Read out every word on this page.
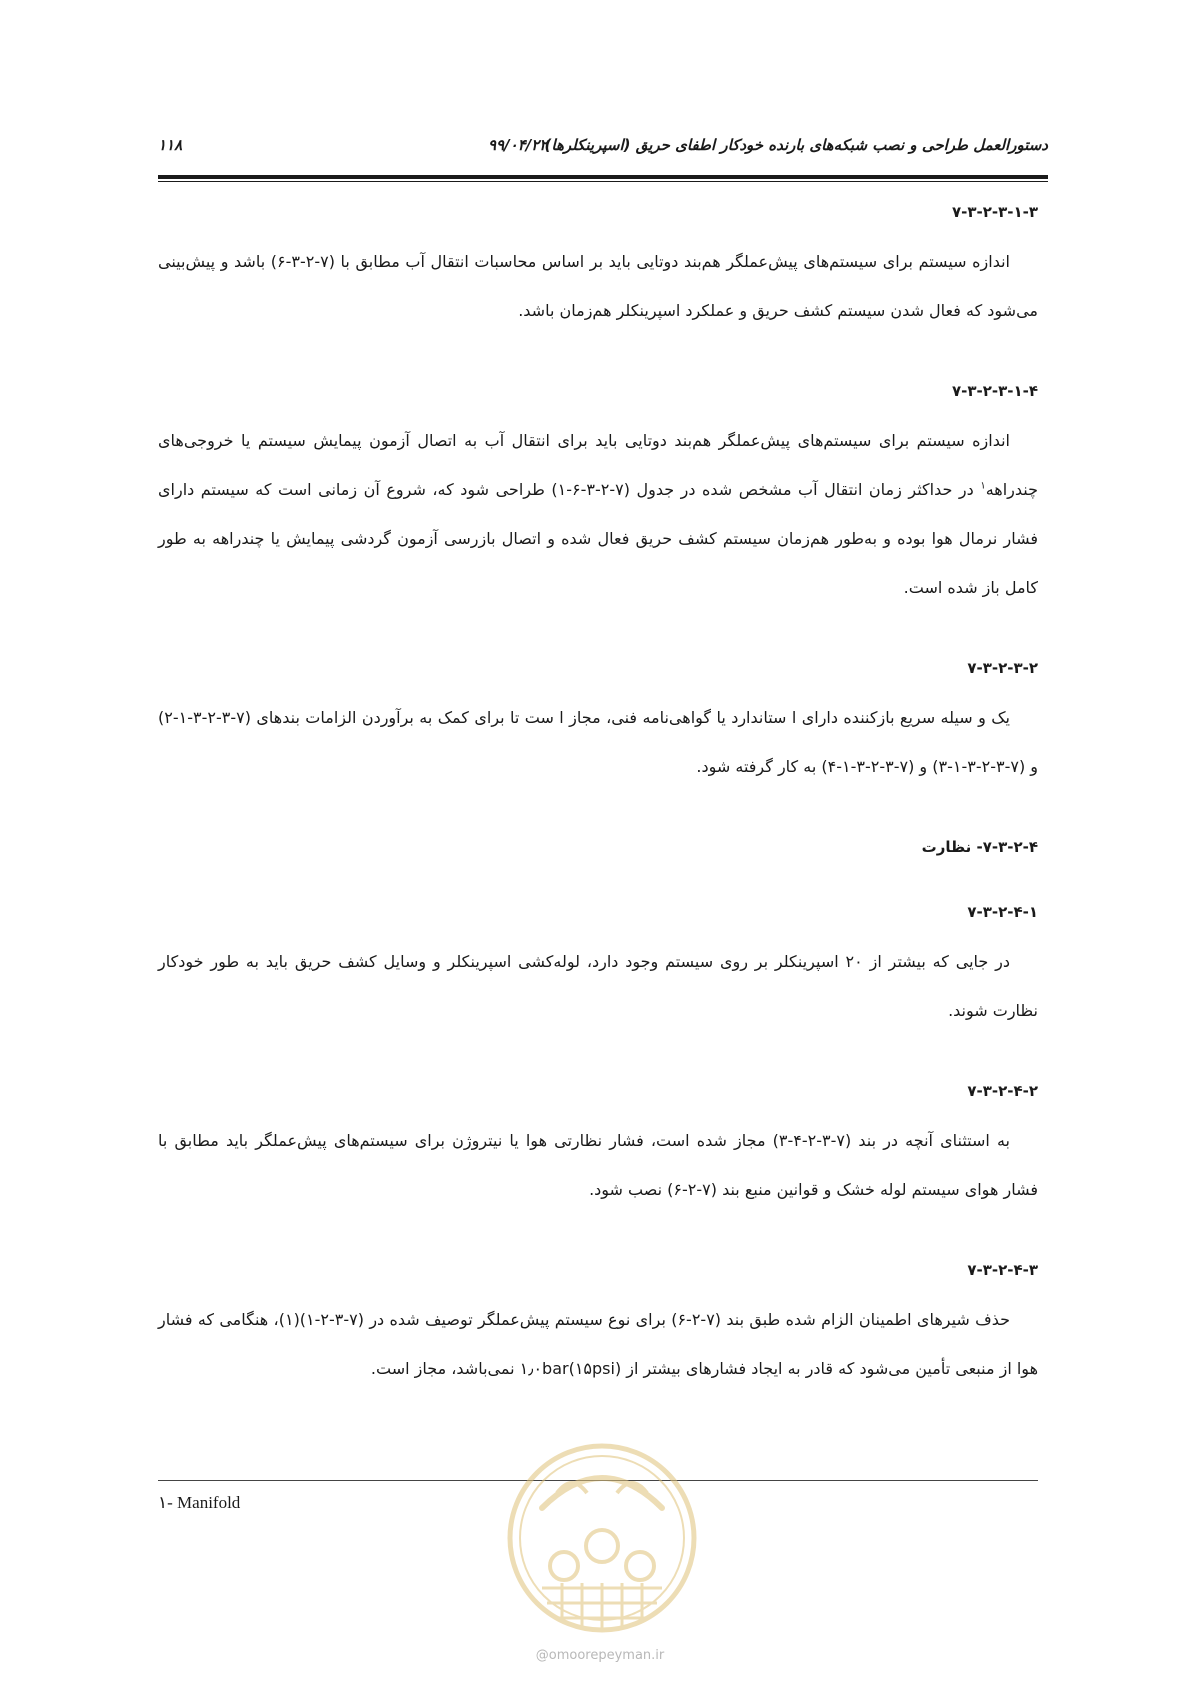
دستورالعمل طراحی و نصب شبکه‌های بارنده خودکار اطفای حریق (اسپرینکلرها)
۹۹/۰۴/۲۲
۱۱۸
۷-۳-۲-۳-۱-۳

اندازه سیستم برای سیستم‌های پیش‌عملگر هم‌بند دوتایی باید بر اساس محاسبات انتقال آب مطابق با (۷-۲-۳-۶) باشد و پیش‌بینی می‌شود که فعال شدن سیستم کشف حریق و عملکرد اسپرینکلر هم‌زمان باشد.

۷-۳-۲-۳-۱-۴

اندازه سیستم برای سیستم‌های پیش‌عملگر هم‌بند دوتایی باید برای انتقال آب به اتصال آزمون پیمایش سیستم یا خروجی‌های چندراهه$^۱$ در حداکثر زمان انتقال آب مشخص شده در جدول (۷-۲-۳-۶-۱) طراحی شود که، شروع آن زمانی است که سیستم دارای فشار نرمال هوا بوده و به‌طور هم‌زمان سیستم کشف حریق فعال شده و اتصال بازرسی آزمون گردشی پیمایش یا چندراهه به طور کامل باز شده است.

۷-۳-۲-۳-۲

یک و سیله سریع بازکننده دارای ا ستاندارد یا گواهی‌نامه فنی، مجاز ا ست تا برای کمک به برآوردن الزامات بندهای (۷-۳-۲-۳-۱-۲) و (۷-۳-۲-۳-۱-۳) و (۷-۳-۲-۳-۱-۴) به کار گرفته شود.

۷-۳-۲-۴- نظارت
۷-۳-۲-۴-۱

در جایی که بیشتر از ۲۰ اسپرینکلر بر روی سیستم وجود دارد، لوله‌کشی اسپرینکلر و وسایل کشف حریق باید به طور خودکار نظارت شوند.

۷-۳-۲-۴-۲

به استثنای آنچه در بند (۷-۳-۲-۴-۳) مجاز شده است، فشار نظارتی هوا یا نیتروژن برای سیستم‌های پیش‌عملگر باید مطابق با فشار هوای سیستم لوله خشک و قوانین منبع بند (۷-۲-۶) نصب شود.

۷-۳-۲-۴-۳

حذف شیرهای اطمینان الزام شده طبق بند (۷-۲-۶) برای نوع سیستم پیش‌عملگر توصیف شده در (۷-۳-۲-۱)(۱)، هنگامی که فشار هوا از منبعی تأمین می‌شود که قادر به ایجاد فشارهای بیشتر از ۱٫۰bar(۱۵psi) نمی‌باشد، مجاز است.

۱- Manifold
@omoorepeyman.ir
